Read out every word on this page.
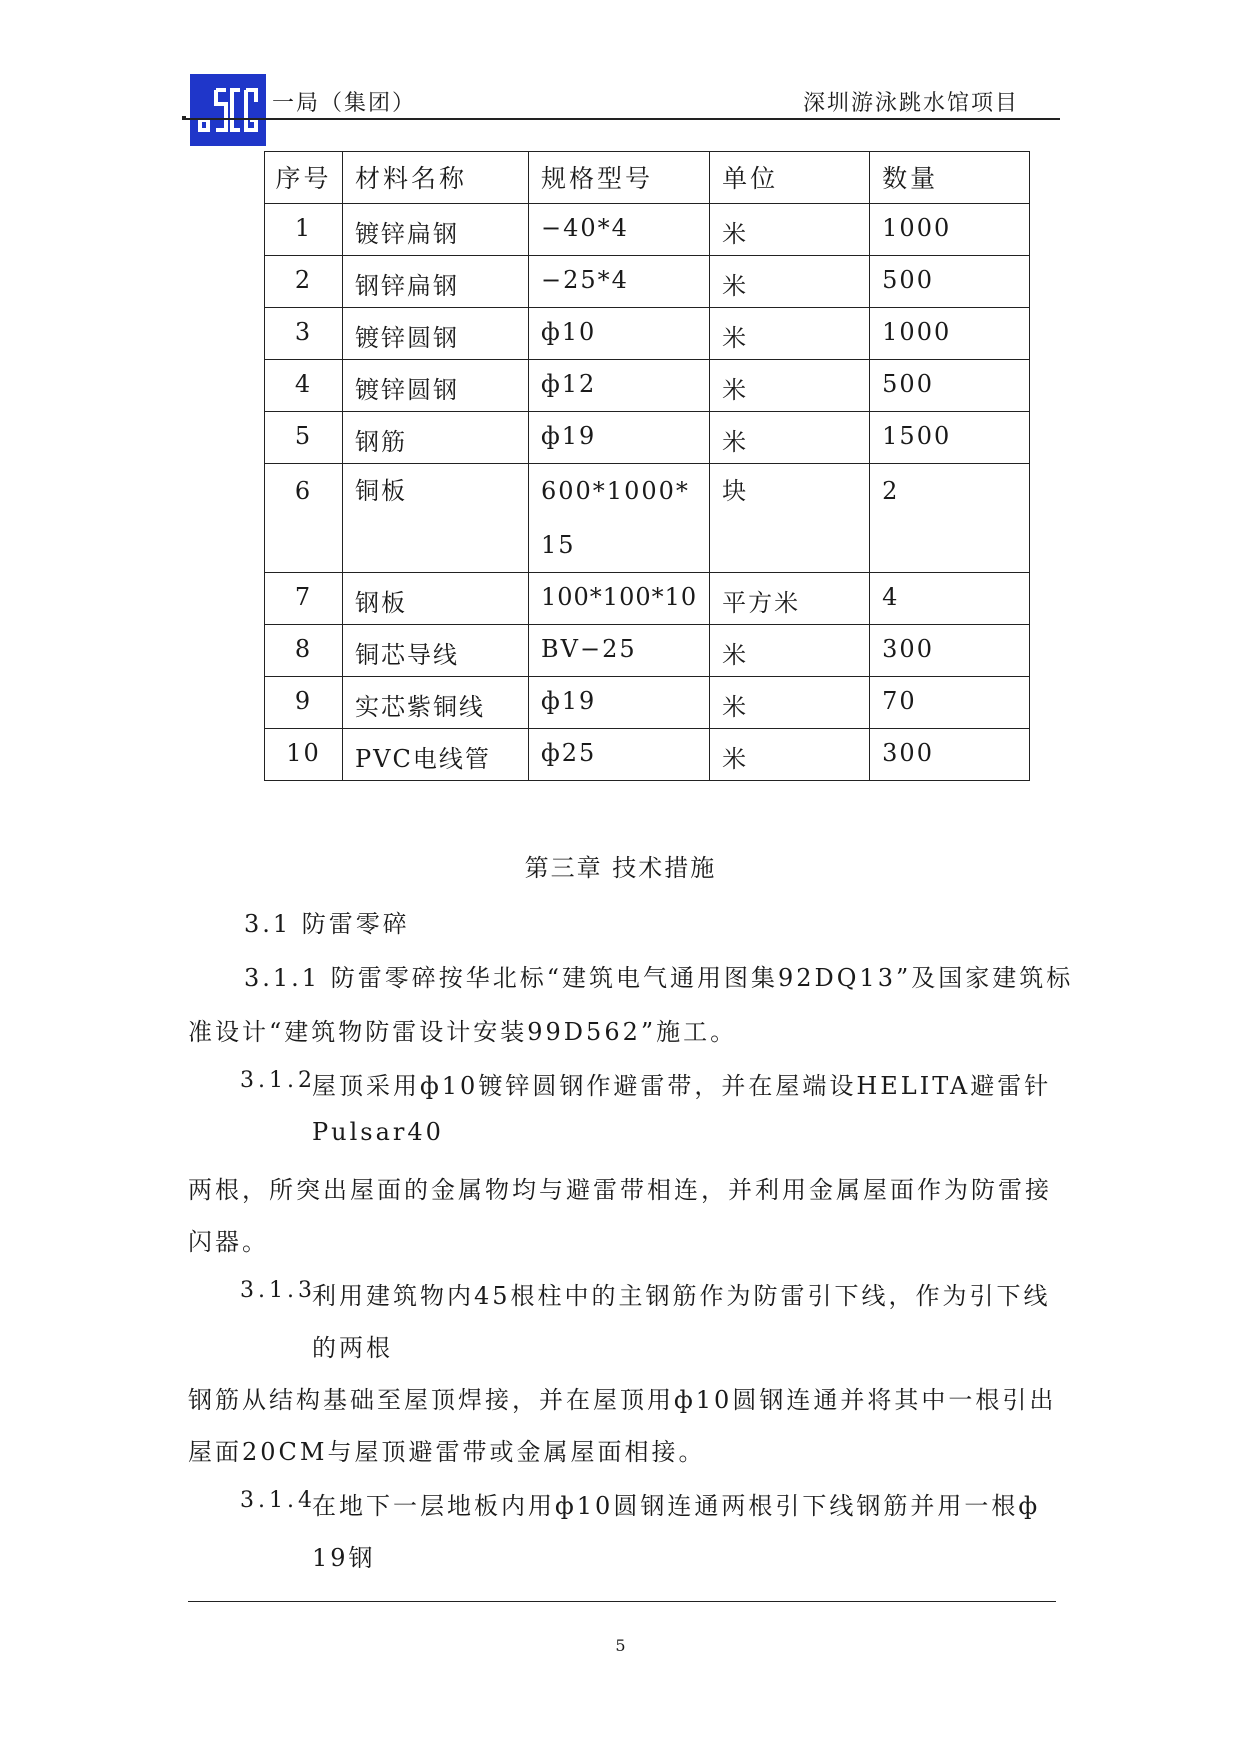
一局（集团）	深圳游泳跳水馆项目
序号	材料名称	规格型号	单位	数量
1	镀锌扁钢	−40*4	米	1000
2	钢锌扁钢	−25*4	米	500
3	镀锌圆钢	ф10	米	1000
4	镀锌圆钢	ф12	米	500
5	钢筋	ф19	米	1500
6	铜板	600*1000*15	块	2
7	钢板	100*100*10	平方米	4
8	铜芯导线	BV−25	米	300
9	实芯紫铜线	ф19	米	70
10	PVC电线管	ф25	米	300
第三章 技术措施
3.1 防雷零碎
3.1.1 防雷零碎按华北标“建筑电气通用图集92DQ13”及国家建筑标
准设计“建筑物防雷设计安装99D562”施工。
3.1.2
屋顶采用ф10镀锌圆钢作避雷带，并在屋端设HELITA避雷针
Pulsar40
两根，所突出屋面的金属物均与避雷带相连，并利用金属屋面作为防雷接
闪器。
3.1.3
利用建筑物内45根柱中的主钢筋作为防雷引下线，作为引下线
的两根
钢筋从结构基础至屋顶焊接，并在屋顶用ф10圆钢连通并将其中一根引出
屋面20CM与屋顶避雷带或金属屋面相接。
3.1.4
在地下一层地板内用ф10圆钢连通两根引下线钢筋并用一根ф
19钢
5
